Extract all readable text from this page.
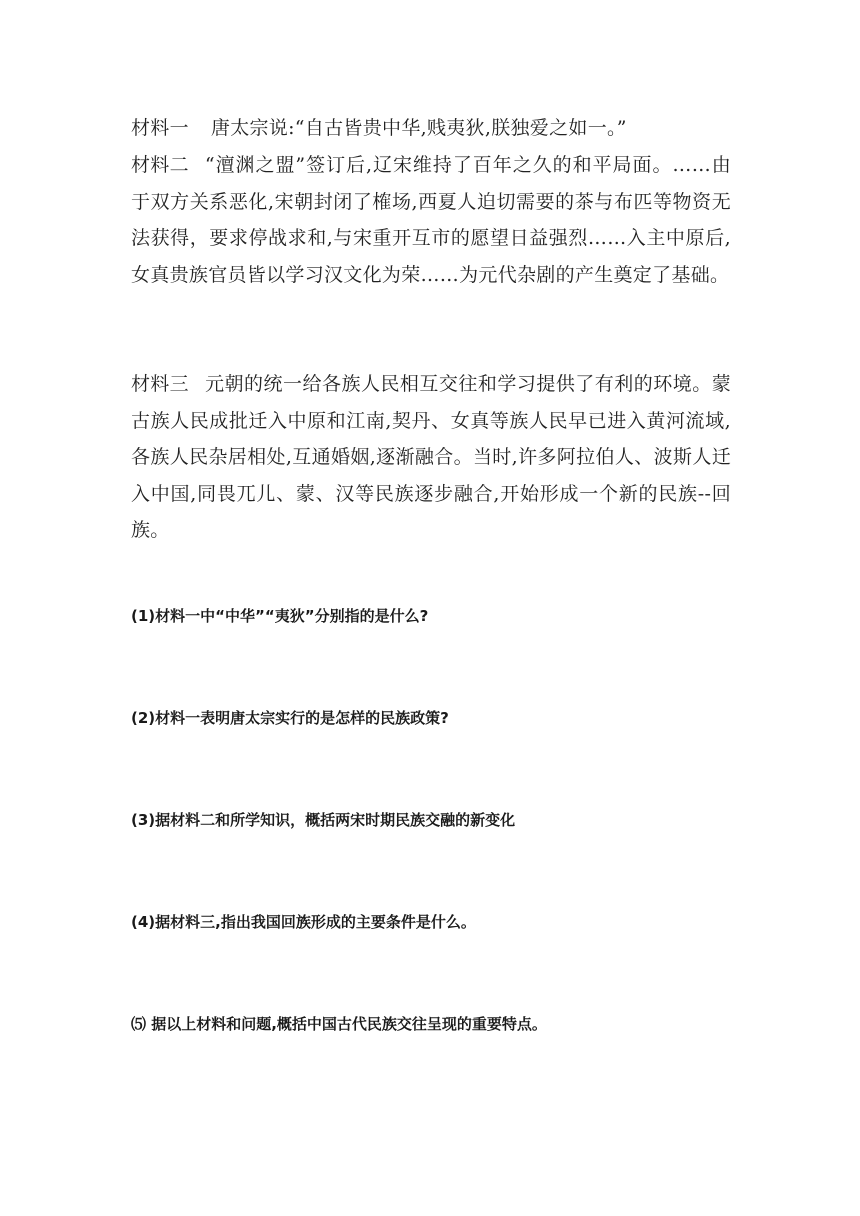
材料一 唐太宗说:“自古皆贵中华,贱夷狄,朕独爱之如一。”
材料二 “澶渊之盟”签订后,辽宋维持了百年之久的和平局面。……由于双方关系恶化,宋朝封闭了榷场,西夏人迫切需要的茶与布匹等物资无法获得，要求停战求和,与宋重开互市的愿望日益强烈……入主中原后,女真贵族官员皆以学习汉文化为荣……为元代杂剧的产生奠定了基础。
材料三 元朝的统一给各族人民相互交往和学习提供了有利的环境。蒙古族人民成批迁入中原和江南,契丹、女真等族人民早已进入黄河流域,各族人民杂居相处,互通婚姻,逐渐融合。当时,许多阿拉伯人、波斯人迁入中国,同畏兀儿、蒙、汉等民族逐步融合,开始形成一个新的民族--回族。
(1)材料一中“中华”“夷狄”分别指的是什么?
(2)材料一表明唐太宗实行的是怎样的民族政策?
(3)据材料二和所学知识，概括两宋时期民族交融的新变化
(4)据材料三,指出我国回族形成的主要条件是什么。
⑸ 据以上材料和问题,概括中国古代民族交往呈现的重要特点。
